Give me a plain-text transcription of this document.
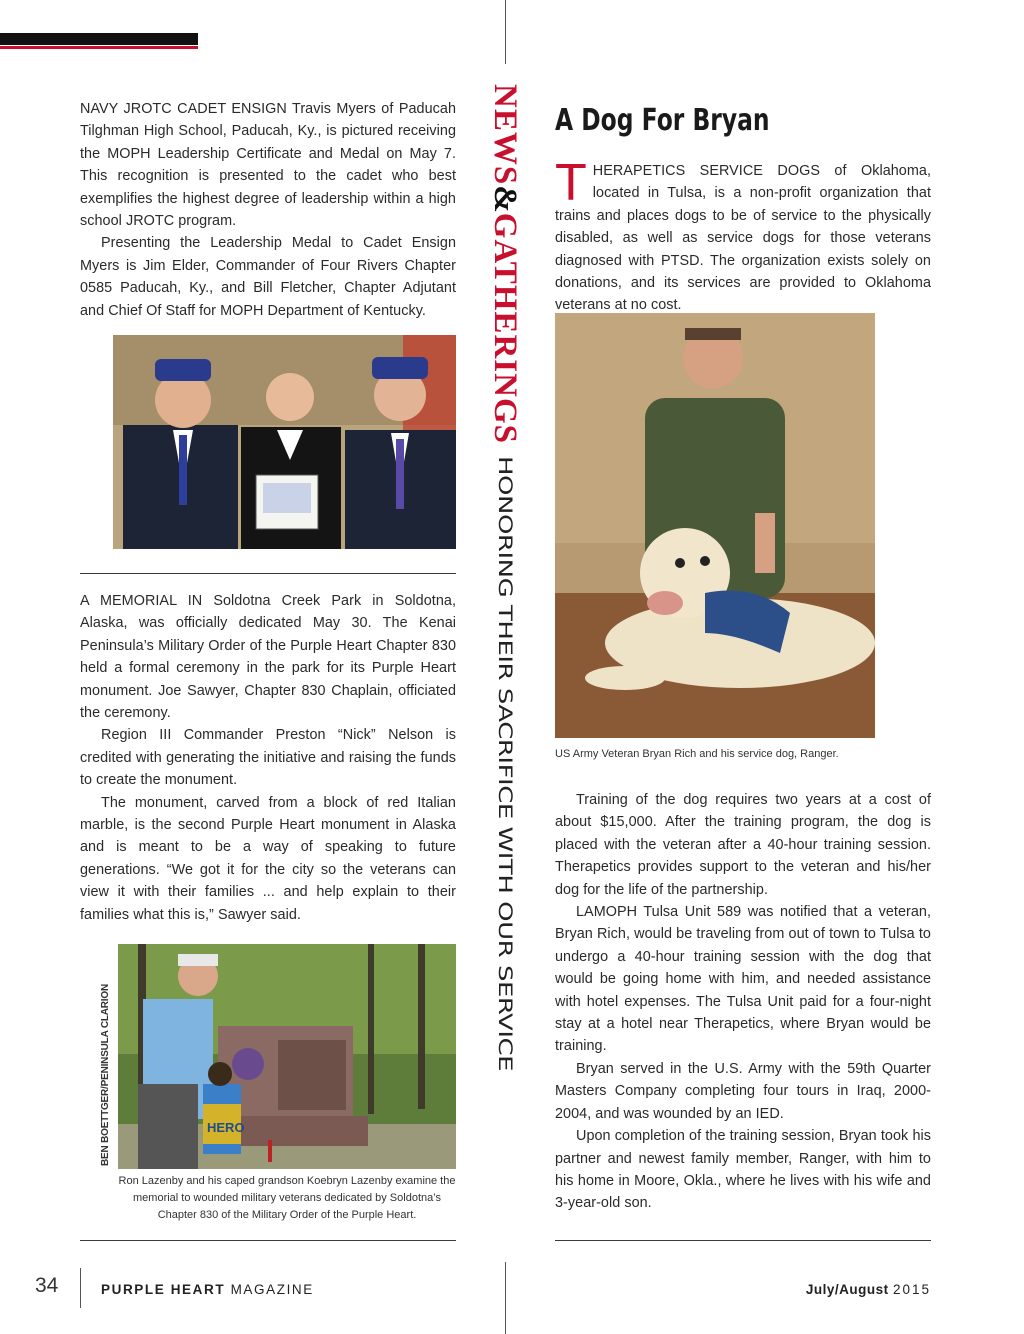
NAVY JROTC CADET ENSIGN Travis Myers of Paducah Tilghman High School, Paducah, Ky., is pictured receiving the MOPH Leadership Certificate and Medal on May 7. This recognition is presented to the cadet who best exemplifies the highest degree of leadership within a high school JROTC program.

Presenting the Leadership Medal to Cadet Ensign Myers is Jim Elder, Commander of Four Rivers Chapter 0585 Paducah, Ky., and Bill Fletcher, Chapter Adjutant and Chief Of Staff for MOPH Department of Kentucky.

A MEMORIAL IN Soldotna Creek Park in Soldotna, Alaska, was officially dedicated May 30. The Kenai Peninsula’s Military Order of the Purple Heart Chapter 830 held a formal ceremony in the park for its Purple Heart monument. Joe Sawyer, Chapter 830 Chaplain, officiated the ceremony.

Region III Commander Preston “Nick” Nelson is credited with generating the initiative and raising the funds to create the monument.

The monument, carved from a block of red Italian marble, is the second Purple Heart monument in Alaska and is meant to be a way of speaking to future generations. “We got it for the city so the veterans can view it with their families ... and help explain to their families what this is,” Sawyer said.

HERO
BEN BOETTGER/PENINSULA CLARION
Ron Lazenby and his caped grandson Koebryn Lazenby examine the memorial to wounded military veterans dedicated by Soldotna’s Chapter 830 of the Military Order of the Purple Heart.
NEWS&GATHERINGSHONORING THEIR SACRIFICE WITH OUR SERVICE
A Dog For Bryan
T HERAPETICS SERVICE DOGS of Oklahoma, located in Tulsa, is a non-profit organization that trains and places dogs to be of service to the physically disabled, as well as service dogs for those veterans diagnosed with PTSD. The organization exists solely on donations, and its services are provided to Oklahoma veterans at no cost.

US Army Veteran Bryan Rich and his service dog, Ranger.

Training of the dog requires two years at a cost of about $15,000. After the training program, the dog is placed with the veteran after a 40-hour training session. Therapetics provides support to the veteran and his/her dog for the life of the partnership.

LAMOPH Tulsa Unit 589 was notified that a veteran, Bryan Rich, would be traveling from out of town to Tulsa to undergo a 40-hour training session with the dog that would be going home with him, and needed assistance with hotel expenses. The Tulsa Unit paid for a four-night stay at a hotel near Therapetics, where Bryan would be training.

Bryan served in the U.S. Army with the 59th Quarter Masters Company completing four tours in Iraq, 2000-2004, and was wounded by an IED.

Upon completion of the training session, Bryan took his partner and newest family member, Ranger, with him to his home in Moore, Okla., where he lives with his wife and 3-year-old son.

34	PURPLE HEART MAGAZINE	July/August 2015
